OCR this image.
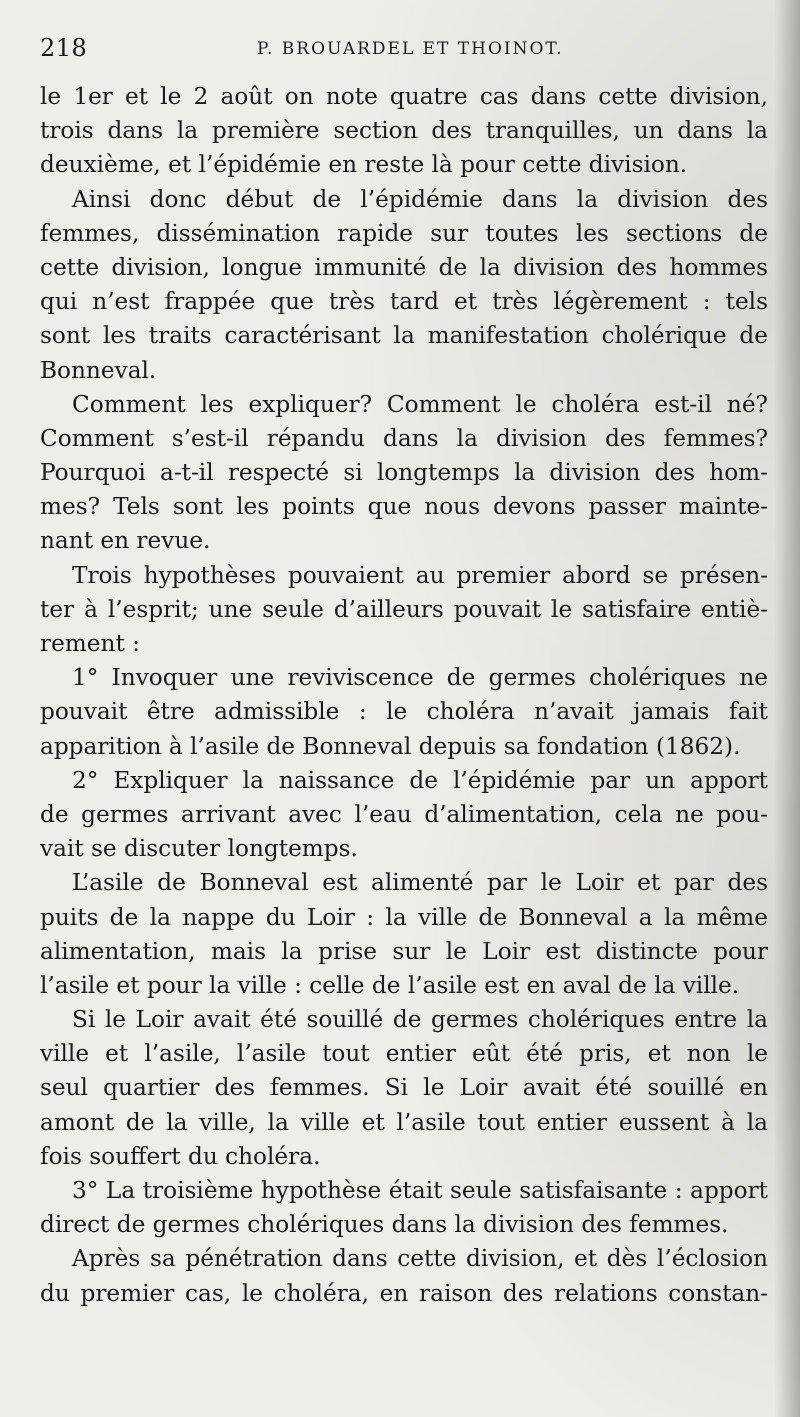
218	P. BROUARDEL ET THOINOT.
le 1er et le 2 août on note quatre cas dans cette division,
trois dans la première section des tranquilles, un dans la
deuxième, et l’épidémie en reste là pour cette division.
Ainsi donc début de l’épidémie dans la division des
femmes, dissémination rapide sur toutes les sections de
cette division, longue immunité de la division des hommes
qui n’est frappée que très tard et très légèrement : tels
sont les traits caractérisant la manifestation cholérique de
Bonneval.
Comment les expliquer? Comment le choléra est-il né?
Comment s’est-il répandu dans la division des femmes?
Pourquoi a-t-il respecté si longtemps la division des hom-
mes? Tels sont les points que nous devons passer mainte-
nant en revue.
Trois hypothèses pouvaient au premier abord se présen-
ter à l’esprit; une seule d’ailleurs pouvait le satisfaire entiè-
rement :
1° Invoquer une reviviscence de germes cholériques ne
pouvait être admissible : le choléra n’avait jamais fait
apparition à l’asile de Bonneval depuis sa fondation (1862).
2° Expliquer la naissance de l’épidémie par un apport
de germes arrivant avec l’eau d’alimentation, cela ne pou-
vait se discuter longtemps.
L’asile de Bonneval est alimenté par le Loir et par des
puits de la nappe du Loir : la ville de Bonneval a la même
alimentation, mais la prise sur le Loir est distincte pour
l’asile et pour la ville : celle de l’asile est en aval de la ville.
Si le Loir avait été souillé de germes cholériques entre la
ville et l’asile, l’asile tout entier eût été pris, et non le
seul quartier des femmes. Si le Loir avait été souillé en
amont de la ville, la ville et l’asile tout entier eussent à la
fois souffert du choléra.
3° La troisième hypothèse était seule satisfaisante : apport
direct de germes cholériques dans la division des femmes.
Après sa pénétration dans cette division, et dès l’éclosion
du premier cas, le choléra, en raison des relations constan-
